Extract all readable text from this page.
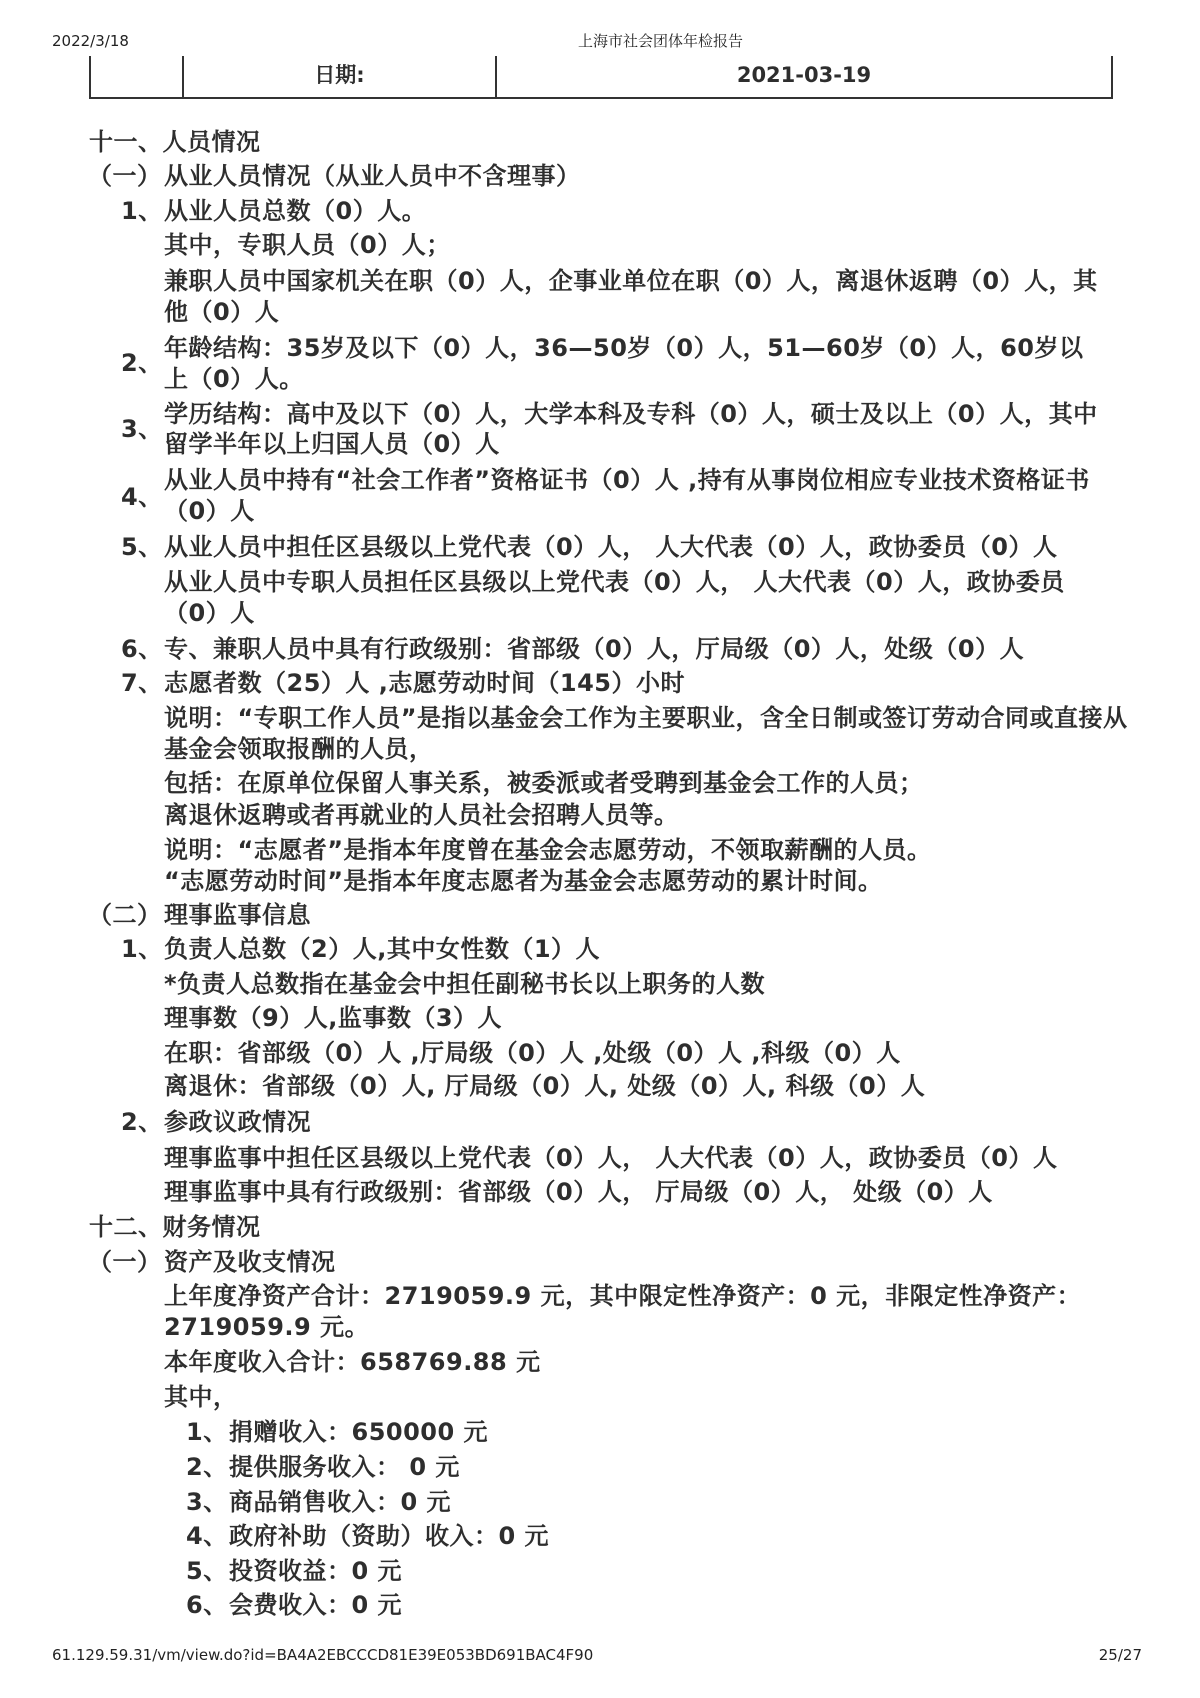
2022/3/18	上海市社会团体年检报告
日期:	2021-03-19
十一、人员情况
（一） 从业人员情况（从业人员中不含理事）
1、 从业人员总数（0）人。
其中，专职人员（0）人；
兼职人员中国家机关在职（0）人，企事业单位在职（0）人，离退休返聘（0）人，其
他（0）人
2、
年龄结构：35岁及以下（0）人，36—50岁（0）人，51—60岁（0）人，60岁以
上（0）人。
3、
学历结构：高中及以下（0）人，大学本科及专科（0）人，硕士及以上（0）人，其中
留学半年以上归国人员（0）人
4、
从业人员中持有“社会工作者”资格证书（0）人 ,持有从事岗位相应专业技术资格证书
（0）人
5、 从业人员中担任区县级以上党代表（0）人， 人大代表（0）人，政协委员（0）人
从业人员中专职人员担任区县级以上党代表（0）人， 人大代表（0）人，政协委员
（0）人
6、 专、兼职人员中具有行政级别：省部级（0）人，厅局级（0）人，处级（0）人
7、 志愿者数（25）人 ,志愿劳动时间（145）小时
说明：“专职工作人员”是指以基金会工作为主要职业，含全日制或签订劳动合同或直接从
基金会领取报酬的人员，
包括：在原单位保留人事关系，被委派或者受聘到基金会工作的人员；
离退休返聘或者再就业的人员社会招聘人员等。
说明：“志愿者”是指本年度曾在基金会志愿劳动，不领取薪酬的人员。
“志愿劳动时间”是指本年度志愿者为基金会志愿劳动的累计时间。
（二） 理事监事信息
1、 负责人总数（2）人,其中女性数（1）人
*负责人总数指在基金会中担任副秘书长以上职务的人数
理事数（9）人,监事数（3）人
在职：省部级（0）人 ,厅局级（0）人 ,处级（0）人 ,科级（0）人
离退休：省部级（0）人, 厅局级（0）人, 处级（0）人, 科级（0）人
2、 参政议政情况
理事监事中担任区县级以上党代表（0）人， 人大代表（0）人，政协委员（0）人
理事监事中具有行政级别：省部级（0）人， 厅局级（0）人， 处级（0）人
十二、财务情况
（一） 资产及收支情况
上年度净资产合计：2719059.9 元，其中限定性净资产：0 元，非限定性净资产：
2719059.9 元。
本年度收入合计：658769.88 元
其中，
1、 捐赠收入：650000 元
2、 提供服务收入： 0 元
3、 商品销售收入：0 元
4、 政府补助（资助）收入：0 元
5、 投资收益：0 元
6、 会费收入：0 元
61.129.59.31/vm/view.do?id=BA4A2EBCCCD81E39E053BD691BAC4F90	25/27
